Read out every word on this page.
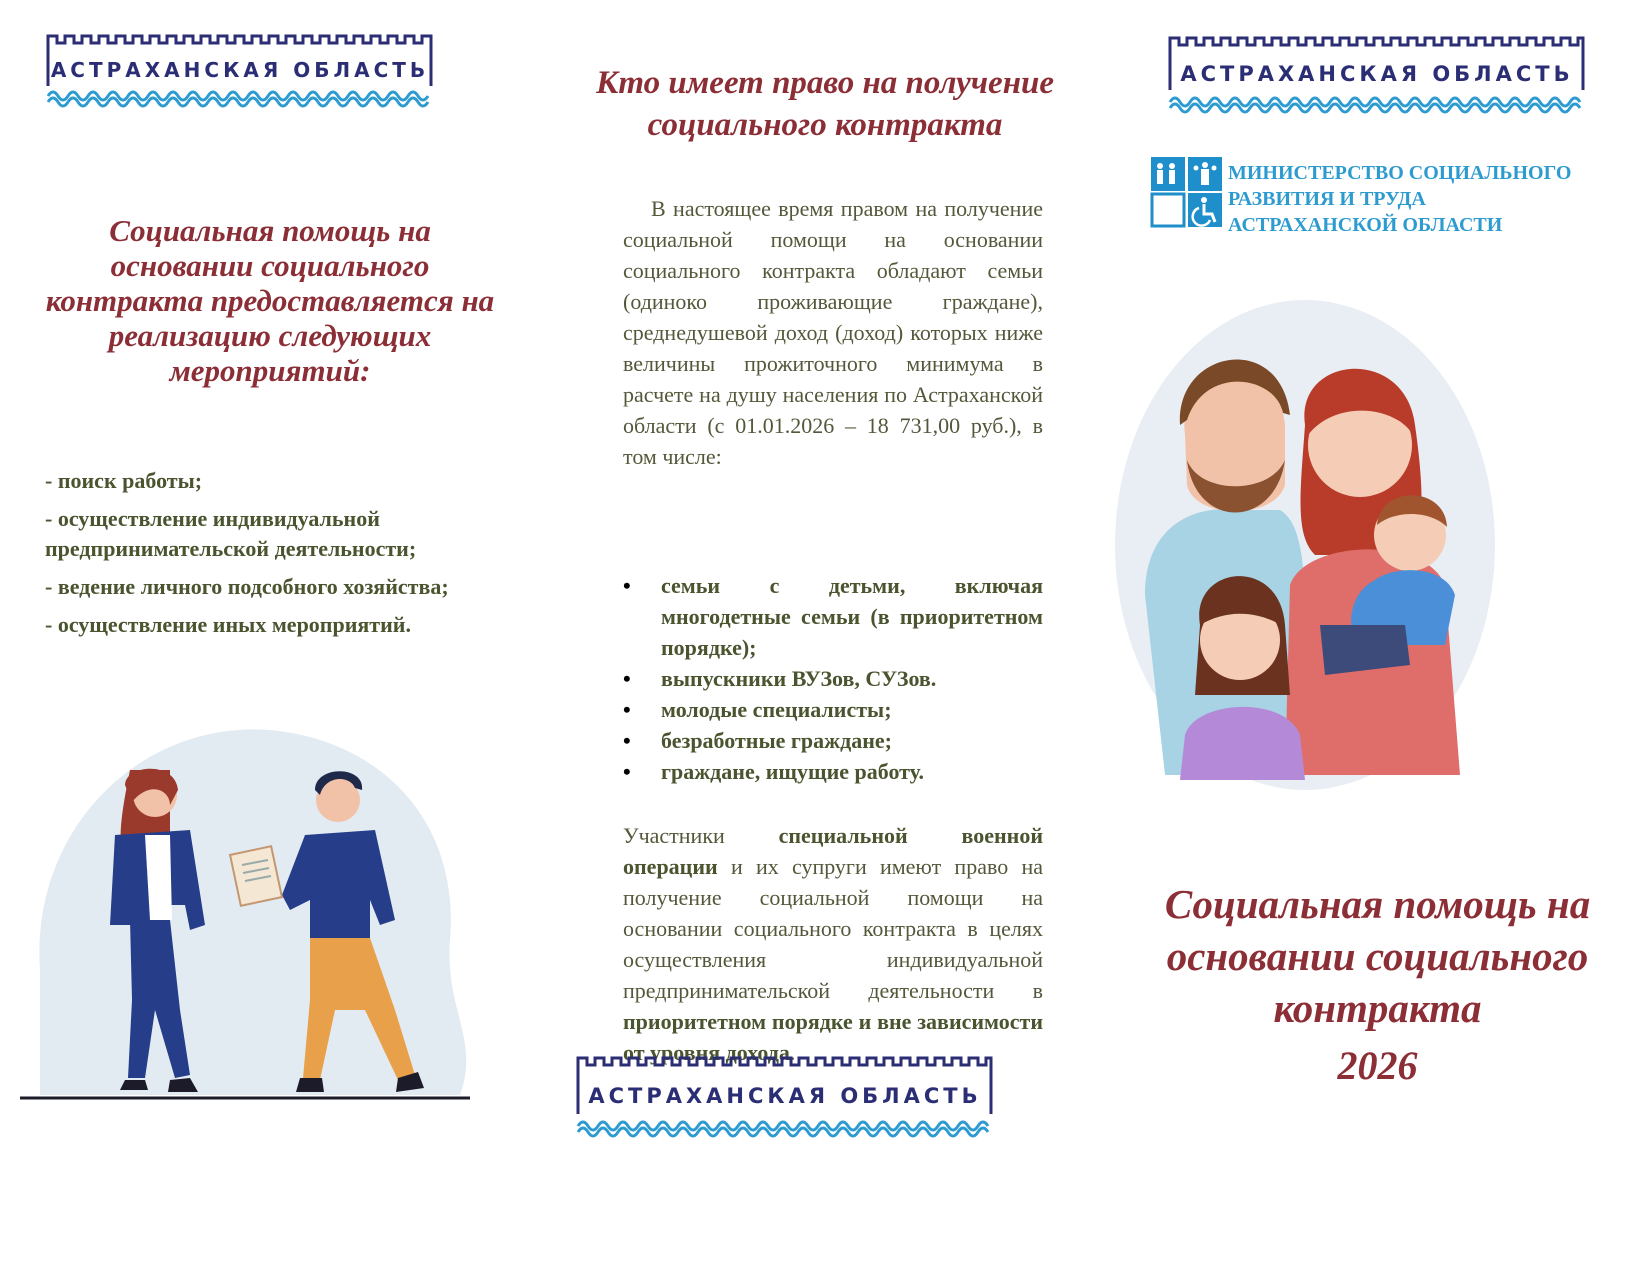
АСТРАХАНСКАЯ ОБЛАСТЬ
Социальная помощь на основании социального контракта предоставляется на реализацию следующих мероприятий:
- поиск работы;
- осуществление индивидуальной предпринимательской деятельности;
- ведение личного подсобного хозяйства;
- осуществление иных мероприятий.
Кто имеет право на получение социального контракта

В настоящее время правом на получение социальной помощи на основании социального контракта обладают семьи (одиноко проживающие граждане), среднедушевой доход (доход) которых ниже величины прожиточного минимума в расчете на душу населения по Астраханской области (с 01.01.2026 – 18 731,00 руб.), в том числе:

• семьи с детьми, включая многодетные семьи (в приоритетном порядке);
• выпускники ВУЗов, СУЗов.
• молодые специалисты;
• безработные граждане;
• граждане, ищущие работу.

Участники специальной военной операции и их супруги имеют право на получение социальной помощи на основании социального контракта в целях осуществления индивидуальной предпринимательской деятельности в приоритетном порядке и вне зависимости от уровня дохода.

АСТРАХАНСКАЯ ОБЛАСТЬ
АСТРАХАНСКАЯ ОБЛАСТЬ
МИНИСТЕРСТВО СОЦИАЛЬНОГО
РАЗВИТИЯ И ТРУДА
АСТРАХАНСКОЙ ОБЛАСТИ
Социальная помощь на основании социального контракта
2026
